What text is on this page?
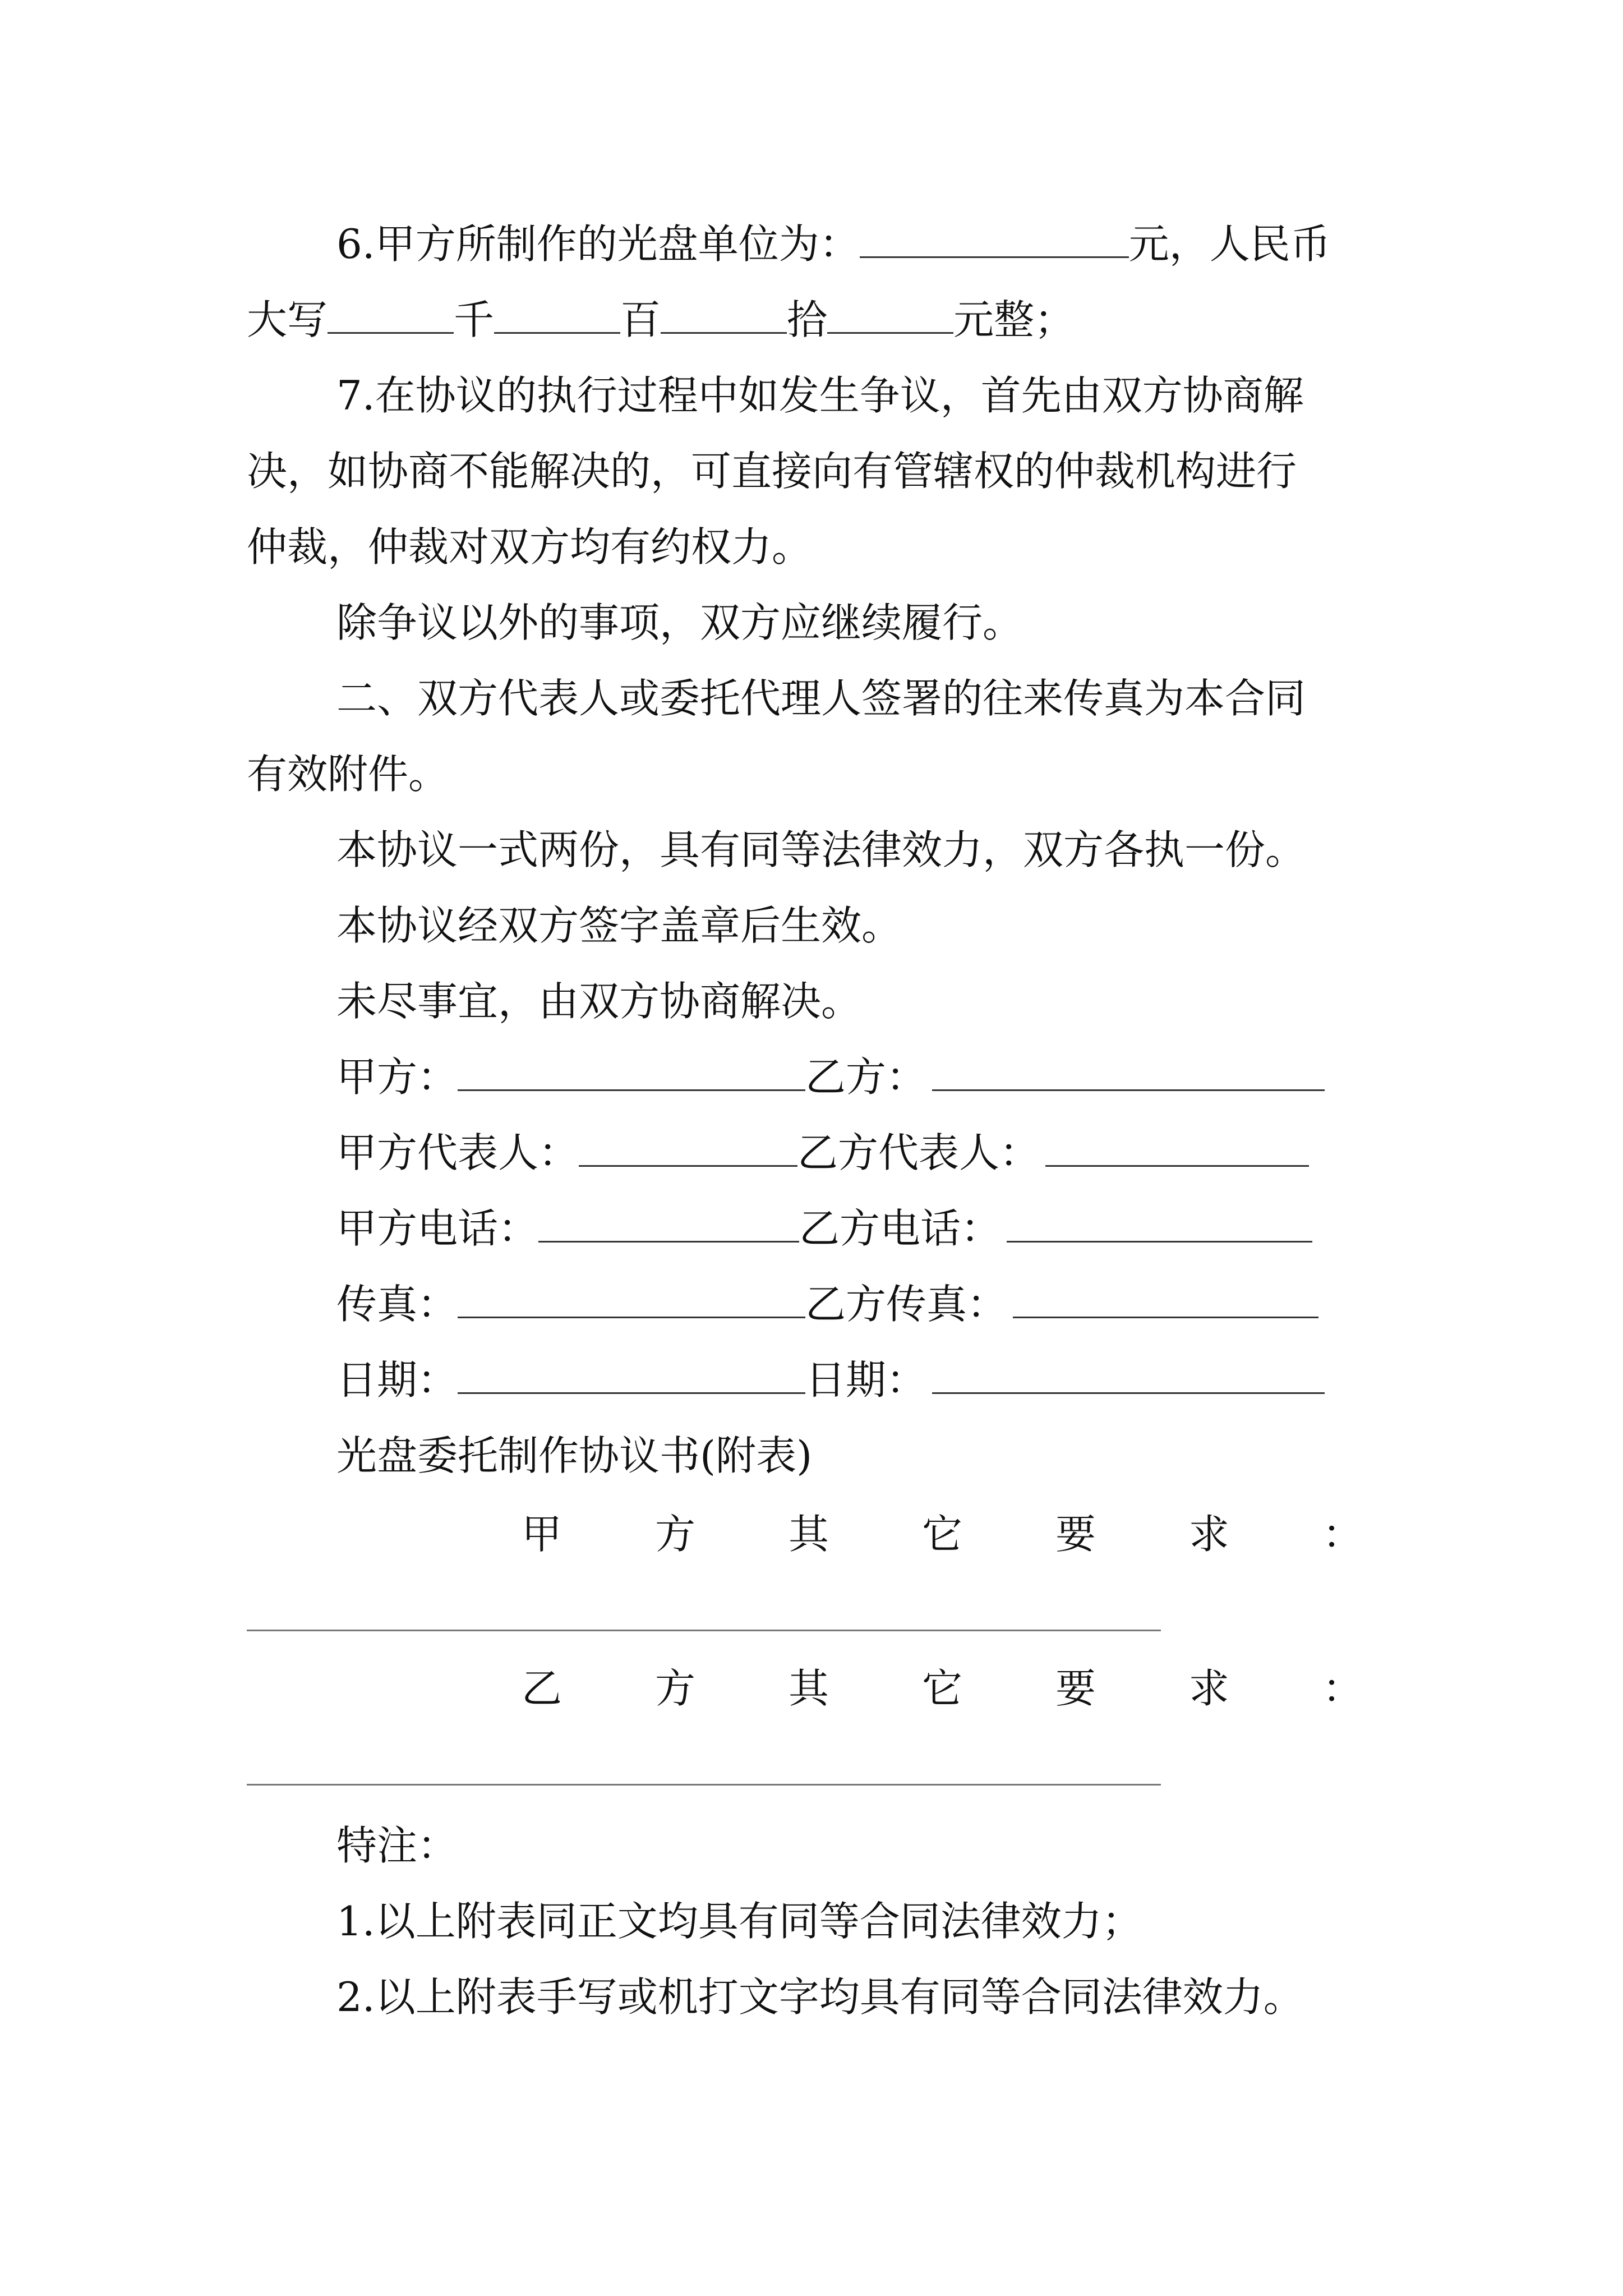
6.甲方所制作的光盘单位为：	元，人民币
大写	千	百	拾	元整；
7.在协议的执行过程中如发生争议，首先由双方协商解
决，如协商不能解决的，可直接向有管辖权的仲裁机构进行
仲裁，仲裁对双方均有约权力。
除争议以外的事项，双方应继续履行。
二、双方代表人或委托代理人签署的往来传真为本合同
有效附件。
本协议一式两份，具有同等法律效力，双方各执一份。
本协议经双方签字盖章后生效。
未尽事宜，由双方协商解决。
甲方：	乙方：
甲方代表人：	乙方代表人：
甲方电话：	乙方电话：
传真：	乙方传真：
日期：	日期：
光盘委托制作协议书(附表)
甲 方 其 它 要 求 ：
乙 方 其 它 要 求 ：
特注：
1.以上附表同正文均具有同等合同法律效力；
2.以上附表手写或机打文字均具有同等合同法律效力。
